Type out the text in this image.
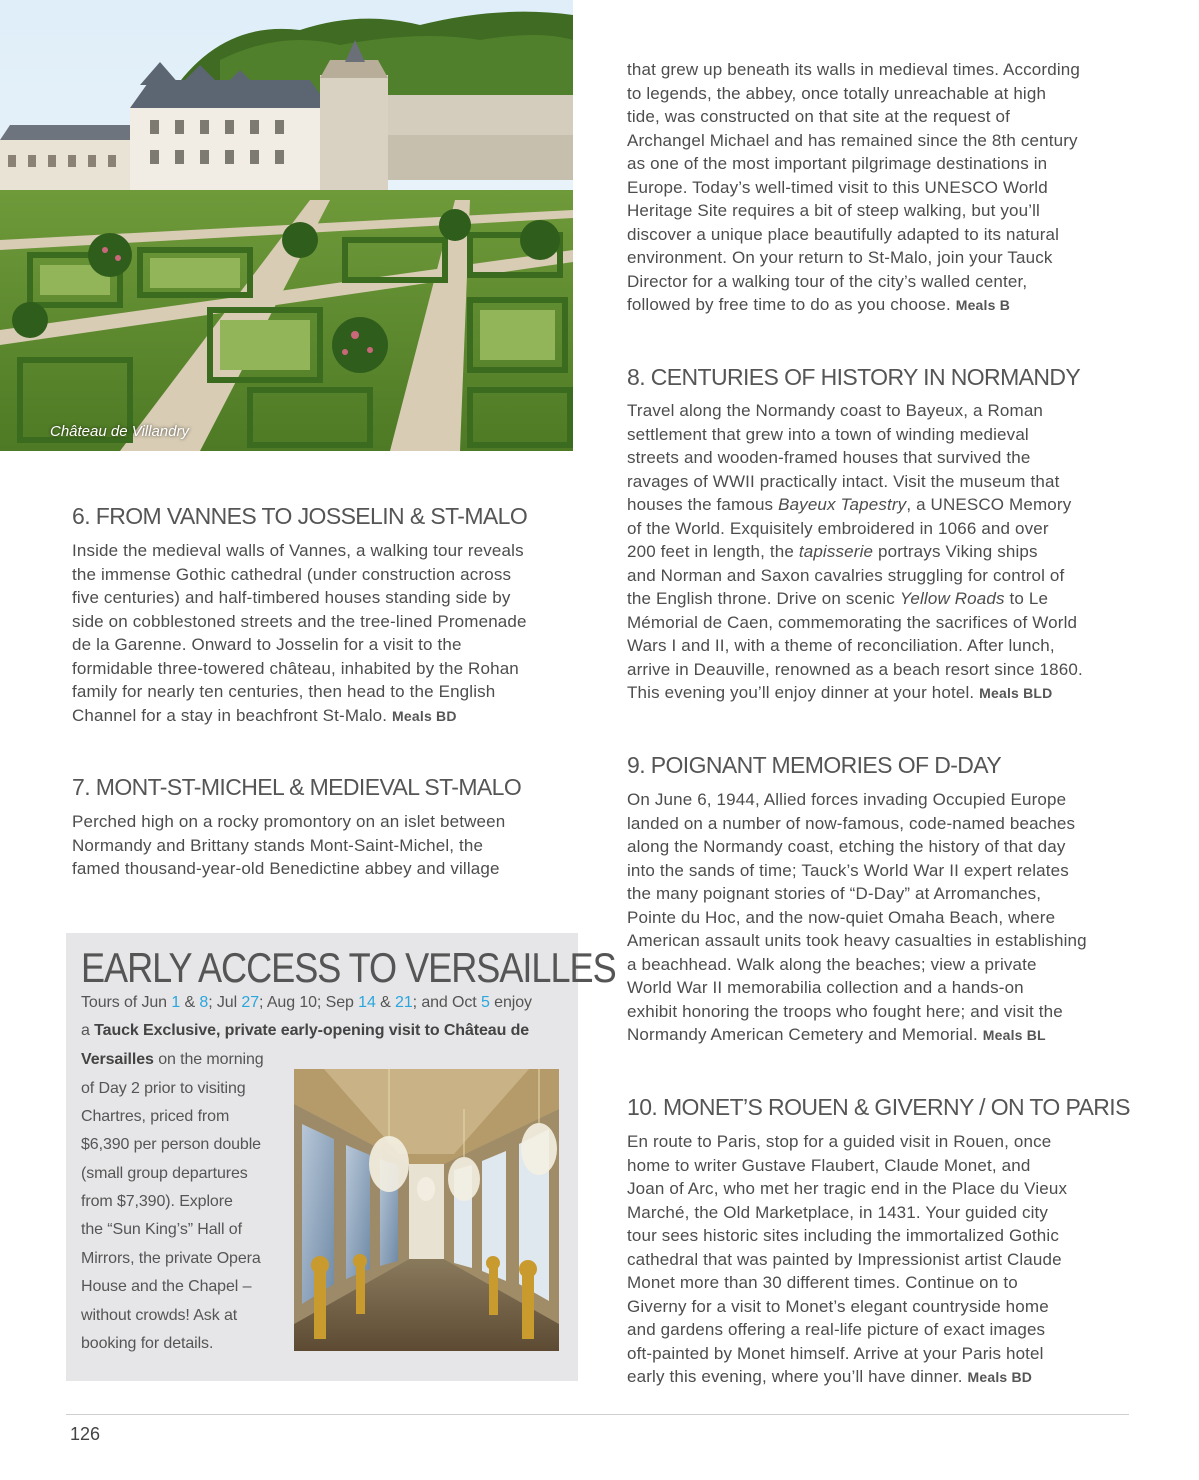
Château de Villandry
6. FROM VANNES TO JOSSELIN & ST-MALO

Inside the medieval walls of Vannes, a walking tour reveals

the immense Gothic cathedral (under construction across

five centuries) and half-timbered houses standing side by

side on cobblestoned streets and the tree-lined Promenade

de la Garenne. Onward to Josselin for a visit to the

formidable three-towered château, inhabited by the Rohan

family for nearly ten centuries, then head to the English

Channel for a stay in beachfront St-Malo. Meals BD

7. MONT-ST-MICHEL & MEDIEVAL ST-MALO

Perched high on a rocky promontory on an islet between

Normandy and Brittany stands Mont-Saint-Michel, the

famed thousand-year-old Benedictine abbey and village

EARLY ACCESS TO VERSAILLES
Tours of Jun 1 & 8; Jul 27; Aug 10; Sep 14 & 21; and Oct 5 enjoy
a Tauck Exclusive, private early-opening visit to Château de
Versailles on the morning
of Day 2 prior to visiting
Chartres, priced from
$6,390 per person double
(small group departures
from $7,390). Explore
the “Sun King’s” Hall of
Mirrors, the private Opera
House and the Chapel –
without crowds! Ask at
booking for details.

that grew up beneath its walls in medieval times. According

to legends, the abbey, once totally unreachable at high

tide, was constructed on that site at the request of

Archangel Michael and has remained since the 8th century

as one of the most important pilgrimage destinations in

Europe. Today’s well-timed visit to this UNESCO World

Heritage Site requires a bit of steep walking, but you’ll

discover a unique place beautifully adapted to its natural

environment. On your return to St-Malo, join your Tauck

Director for a walking tour of the city’s walled center,

followed by free time to do as you choose. Meals B

8. CENTURIES OF HISTORY IN NORMANDY

Travel along the Normandy coast to Bayeux, a Roman

settlement that grew into a town of winding medieval

streets and wooden-framed houses that survived the

ravages of WWII practically intact. Visit the museum that

houses the famous Bayeux Tapestry, a UNESCO Memory

of the World. Exquisitely embroidered in 1066 and over

200 feet in length, the tapisserie portrays Viking ships

and Norman and Saxon cavalries struggling for control of

the English throne. Drive on scenic Yellow Roads to Le

Mémorial de Caen, commemorating the sacrifices of World

Wars I and II, with a theme of reconciliation. After lunch,

arrive in Deauville, renowned as a beach resort since 1860.

This evening you’ll enjoy dinner at your hotel. Meals BLD

9. POIGNANT MEMORIES OF D-DAY

On June 6, 1944, Allied forces invading Occupied Europe

landed on a number of now-famous, code-named beaches

along the Normandy coast, etching the history of that day

into the sands of time; Tauck’s World War II expert relates

the many poignant stories of “D-Day” at Arromanches,

Pointe du Hoc, and the now-quiet Omaha Beach, where

American assault units took heavy casualties in establishing

a beachhead. Walk along the beaches; view a private

World War II memorabilia collection and a hands-on

exhibit honoring the troops who fought here; and visit the

Normandy American Cemetery and Memorial. Meals BL

10. MONET’S ROUEN & GIVERNY / ON TO PARIS

En route to Paris, stop for a guided visit in Rouen, once

home to writer Gustave Flaubert, Claude Monet, and

Joan of Arc, who met her tragic end in the Place du Vieux

Marché, the Old Marketplace, in 1431. Your guided city

tour sees historic sites including the immortalized Gothic

cathedral that was painted by Impressionist artist Claude

Monet more than 30 different times. Continue on to

Giverny for a visit to Monet’s elegant countryside home

and gardens offering a real-life picture of exact images

oft-painted by Monet himself. Arrive at your Paris hotel

early this evening, where you’ll have dinner. Meals BD

126
